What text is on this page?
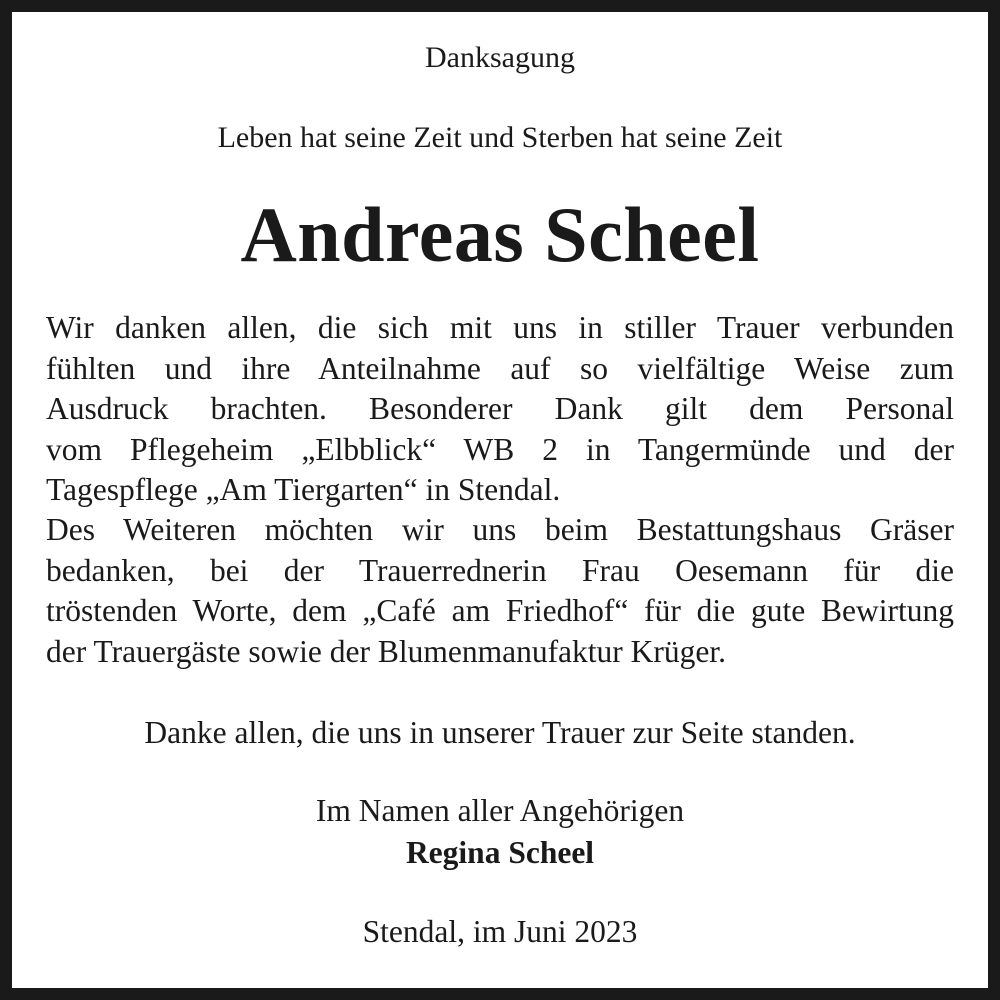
Danksagung
Leben hat seine Zeit und Sterben hat seine Zeit
Andreas Scheel
Wir danken allen, die sich mit uns in stiller Trauer verbunden
fühlten und ihre Anteilnahme auf so vielfältige Weise zum
Ausdruck brachten. Besonderer Dank gilt dem Personal
vom Pflegeheim „Elbblick“ WB 2 in Tangermünde und der
Tagespflege „Am Tiergarten“ in Stendal.
Des Weiteren möchten wir uns beim Bestattungshaus Gräser
bedanken, bei der Trauerrednerin Frau Oesemann für die
tröstenden Worte, dem „Café am Friedhof“ für die gute Bewirtung
der Trauergäste sowie der Blumenmanufaktur Krüger.
Danke allen, die uns in unserer Trauer zur Seite standen.
Im Namen aller Angehörigen
Regina Scheel
Stendal, im Juni 2023
